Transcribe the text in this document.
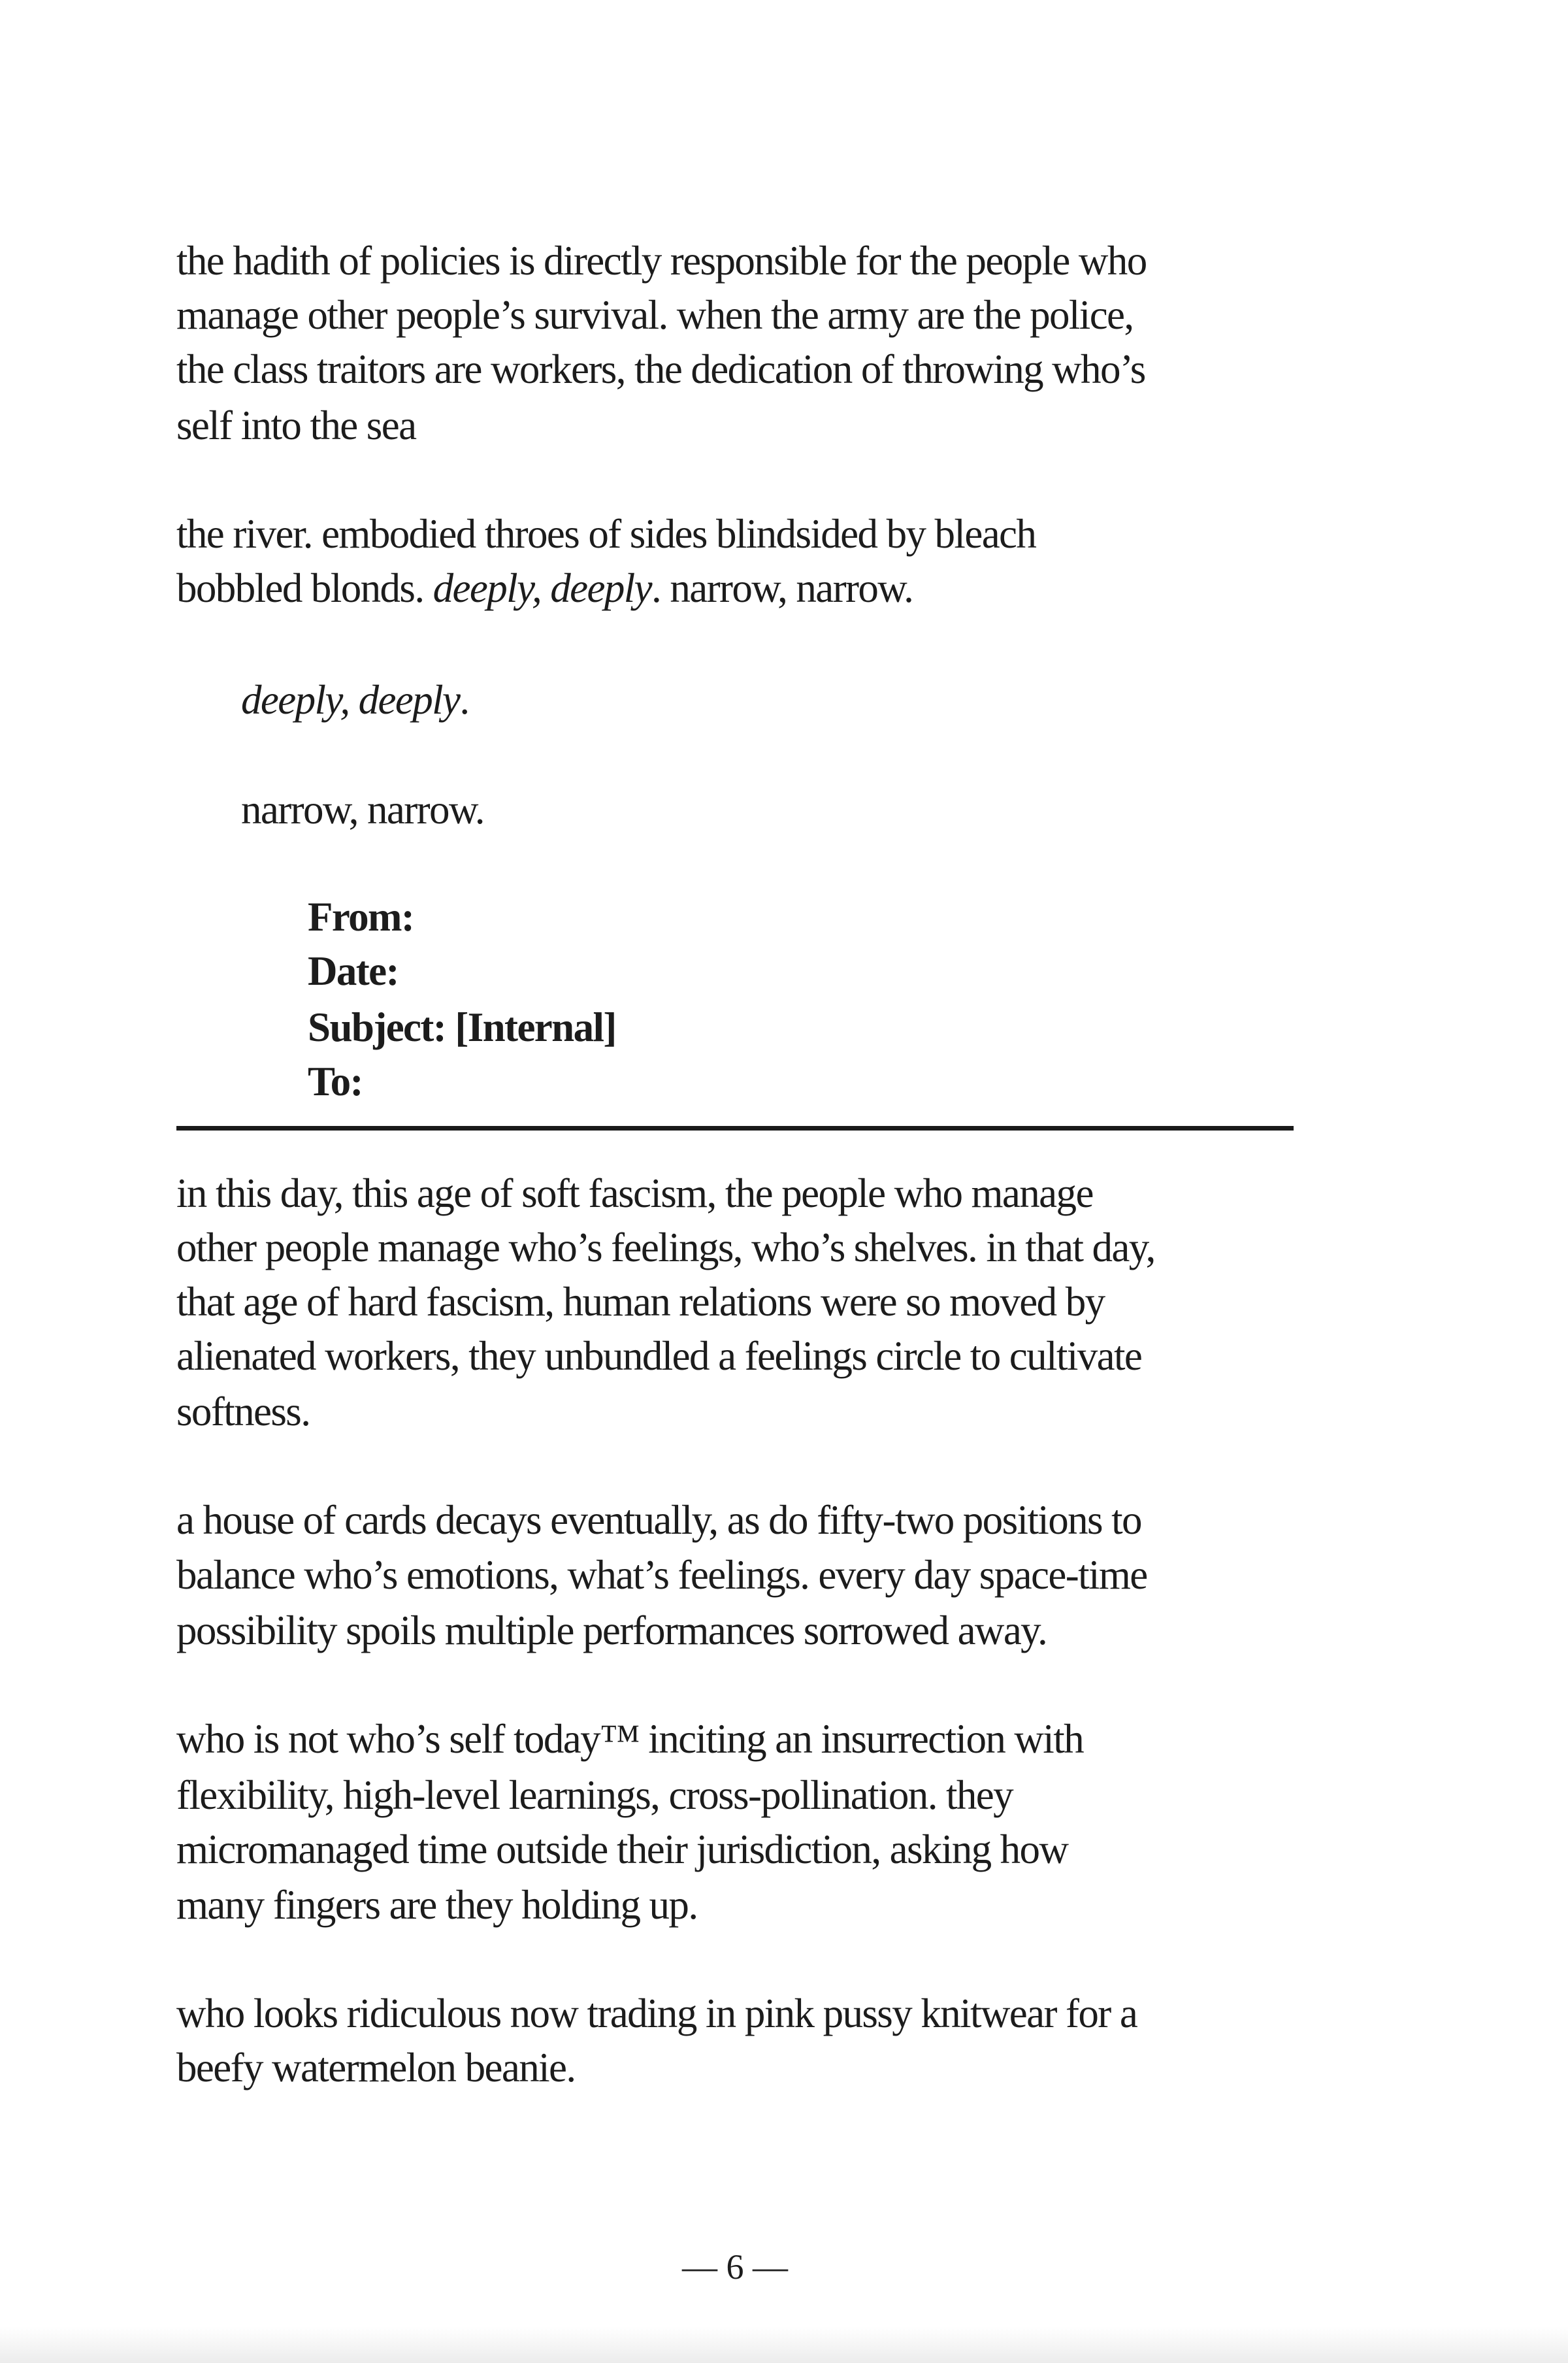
the hadith of policies is directly responsible for the people who
manage other people’s survival. when the army are the police,
the class traitors are workers, the dedication of throwing who’s
self into the sea
the river. embodied throes of sides blindsided by bleach
bobbled blonds. deeply, deeply. narrow, narrow.
deeply, deeply.
narrow, narrow.
From:
Date:
Subject: [Internal]
To:
in this day, this age of soft fascism, the people who manage
other people manage who’s feelings, who’s shelves. in that day,
that age of hard fascism, human relations were so moved by
alienated workers, they unbundled a feelings circle to cultivate
softness.
a house of cards decays eventually, as do fifty-two positions to
balance who’s emotions, what’s feelings. every day space-time
possibility spoils multiple performances sorrowed away.
who is not who’s self today™ inciting an insurrection with
flexibility, high-level learnings, cross-pollination. they
micromanaged time outside their jurisdiction, asking how
many fingers are they holding up.
who looks ridiculous now trading in pink pussy knitwear for a
beefy watermelon beanie.
— 6 —
